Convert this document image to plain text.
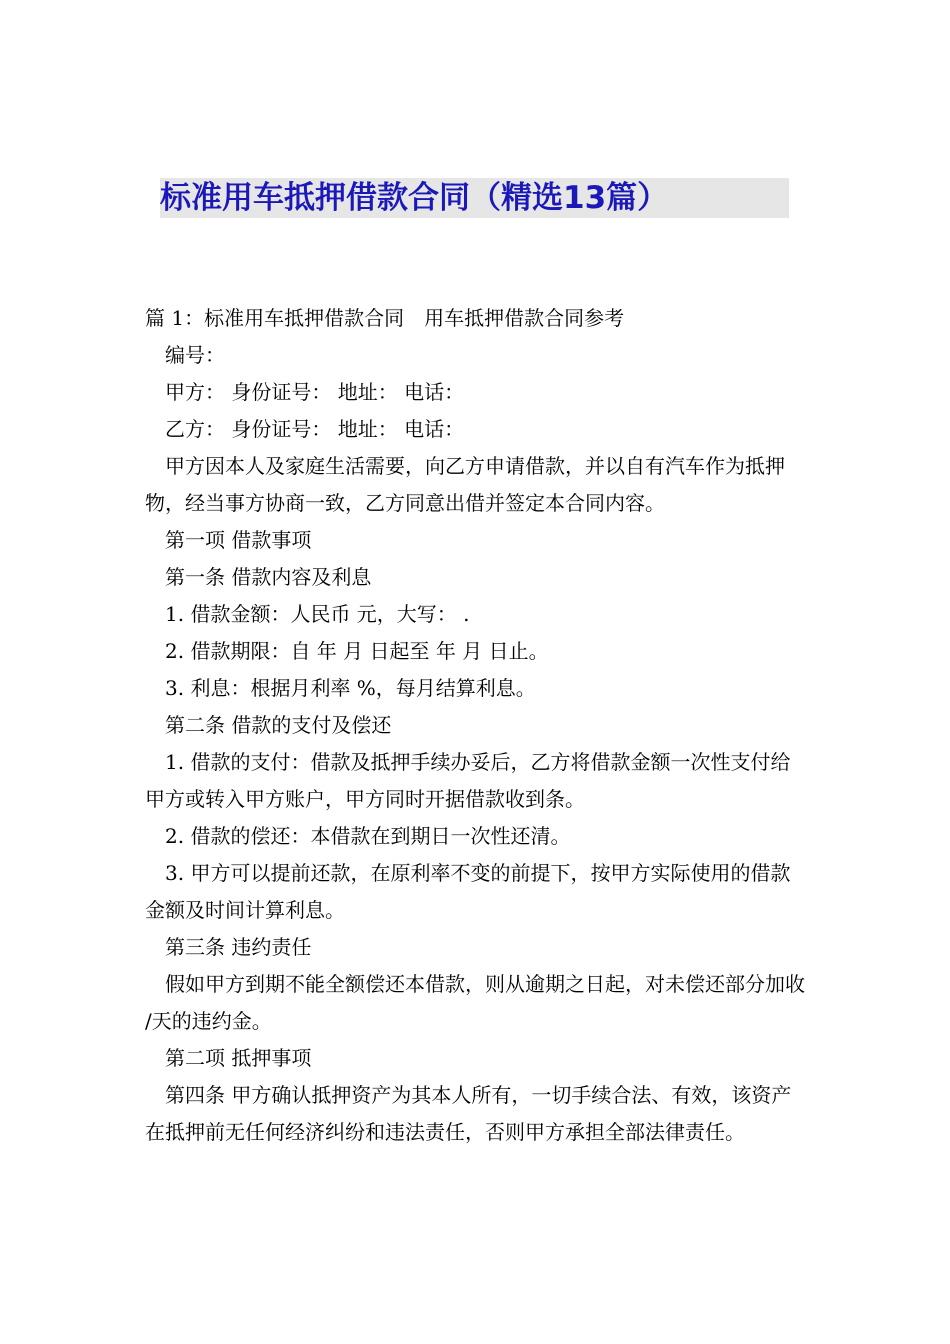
标准用车抵押借款合同（精选13篇）

篇 1：标准用车抵押借款合同　用车抵押借款合同参考

编号：

甲方： 身份证号： 地址： 电话：

乙方： 身份证号： 地址： 电话：

甲方因本人及家庭生活需要，向乙方申请借款，并以自有汽车作为抵押物，经当事方协商一致，乙方同意出借并签定本合同内容。

第一项 借款事项

第一条 借款内容及利息

1. 借款金额：人民币 元，大写： .

2. 借款期限：自 年 月 日起至 年 月 日止。

3. 利息：根据月利率 %，每月结算利息。

第二条 借款的支付及偿还

1. 借款的支付：借款及抵押手续办妥后，乙方将借款金额一次性支付给甲方或转入甲方账户，甲方同时开据借款收到条。

2. 借款的偿还：本借款在到期日一次性还清。

3. 甲方可以提前还款，在原利率不变的前提下，按甲方实际使用的借款金额及时间计算利息。

第三条 违约责任

假如甲方到期不能全额偿还本借款，则从逾期之日起，对未偿还部分加收 /天的违约金。

第二项 抵押事项

第四条 甲方确认抵押资产为其本人所有，一切手续合法、有效，该资产在抵押前无任何经济纠纷和违法责任，否则甲方承担全部法律责任。
